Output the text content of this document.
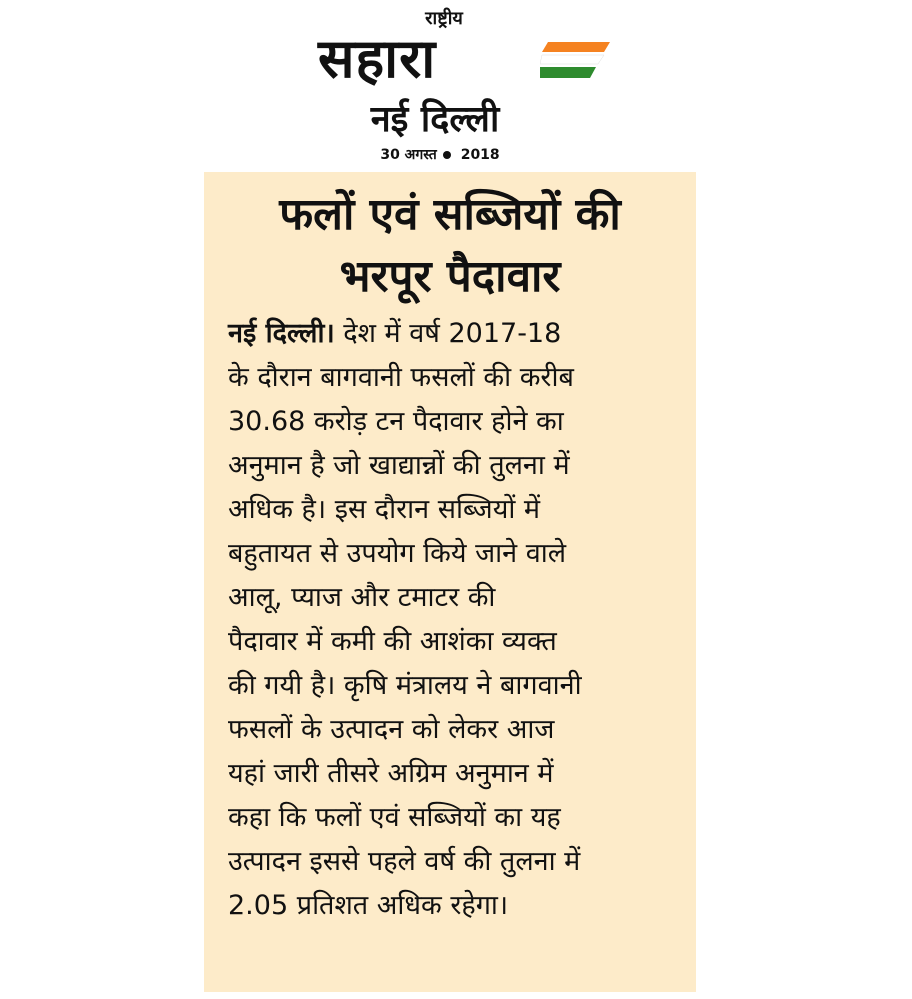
राष्ट्रीय
सहारा
नई दिल्ली
30 अगस्त 2018
फलों एवं सब्जियों की
भरपूर पैदावार
नई दिल्ली। देश में वर्ष 2017-18
के दौरान बागवानी फसलों की करीब
30.68 करोड़ टन पैदावार होने का
अनुमान है जो खाद्यान्नों की तुलना में
अधिक है। इस दौरान सब्जियों में
बहुतायत से उपयोग किये जाने वाले
आलू, प्याज और टमाटर की
पैदावार में कमी की आशंका व्यक्त
की गयी है। कृषि मंत्रालय ने बागवानी
फसलों के उत्पादन को लेकर आज
यहां जारी तीसरे अग्रिम अनुमान में
कहा कि फलों एवं सब्जियों का यह
उत्पादन इससे पहले वर्ष की तुलना में
2.05 प्रतिशत अधिक रहेगा।
